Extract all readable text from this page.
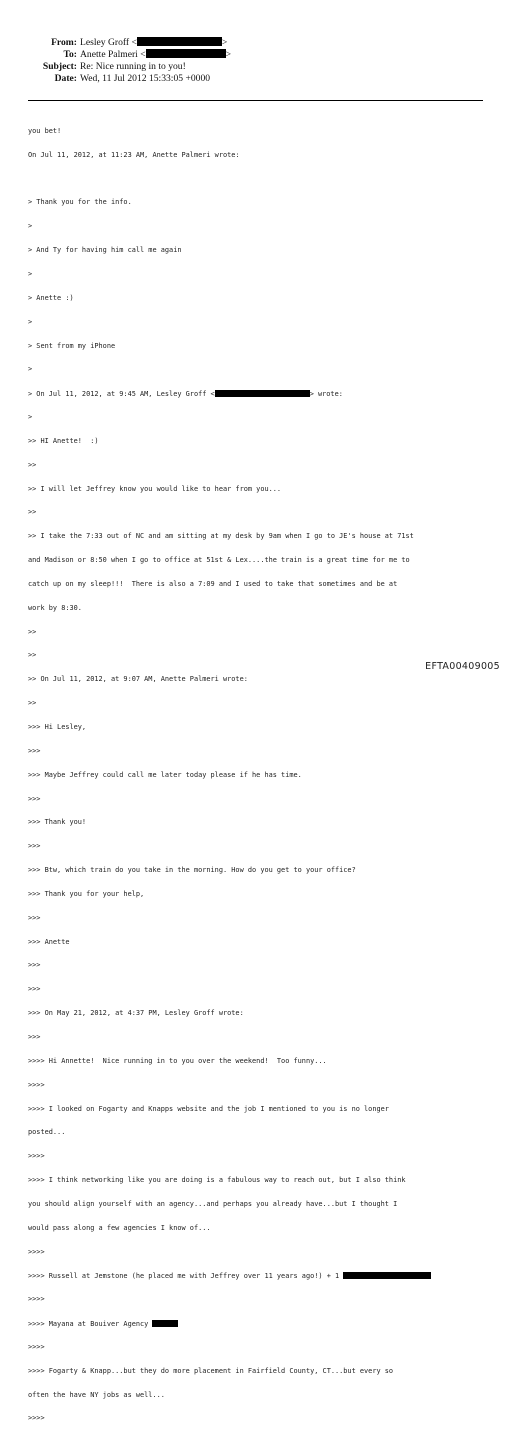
From: Lesley Groff <	>
To: Anette Palmeri <	>
Subject: Re: Nice running in to you!
Date: Wed, 11 Jul 2012 15:33:05 +0000

you bet!

On Jul 11, 2012, at 11:23 AM, Anette Palmeri wrote:

> Thank you for the info.

>

> And Ty for having him call me again

>

> Anette :)

>

> Sent from my iPhone

>

> On Jul 11, 2012, at 9:45 AM, Lesley Groff <	> wrote:

>

>> HI Anette!  :)

>>

>> I will let Jeffrey know you would like to hear from you...

>>

>> I take the 7:33 out of NC and am sitting at my desk by 9am when I go to JE's house at 71st

and Madison or 8:50 when I go to office at 51st & Lex....the train is a great time for me to

catch up on my sleep!!!  There is also a 7:09 and I used to take that sometimes and be at

work by 8:30.

>>

>>

>> On Jul 11, 2012, at 9:07 AM, Anette Palmeri wrote:

>>

>>> Hi Lesley,

>>>

>>> Maybe Jeffrey could call me later today please if he has time.

>>>

>>> Thank you!

>>>

>>> Btw, which train do you take in the morning. How do you get to your office?

>>> Thank you for your help,

>>>

>>> Anette

>>>

>>>

>>> On May 21, 2012, at 4:37 PM, Lesley Groff wrote:

>>>

>>>> Hi Annette!  Nice running in to you over the weekend!  Too funny...

>>>>

>>>> I looked on Fogarty and Knapps website and the job I mentioned to you is no longer

posted...

>>>>

>>>> I think networking like you are doing is a fabulous way to reach out, but I also think

you should align yourself with an agency...and perhaps you already have...but I thought I

would pass along a few agencies I know of...

>>>>

>>>> Russell at Jemstone (he placed me with Jeffrey over 11 years ago!) + 1

>>>>

>>>> Mayana at Bouiver Agency

>>>>

>>>> Fogarty & Knapp...but they do more placement in Fairfield County, CT...but every so

often the have NY jobs as well...

>>>>

EFTA00409005
